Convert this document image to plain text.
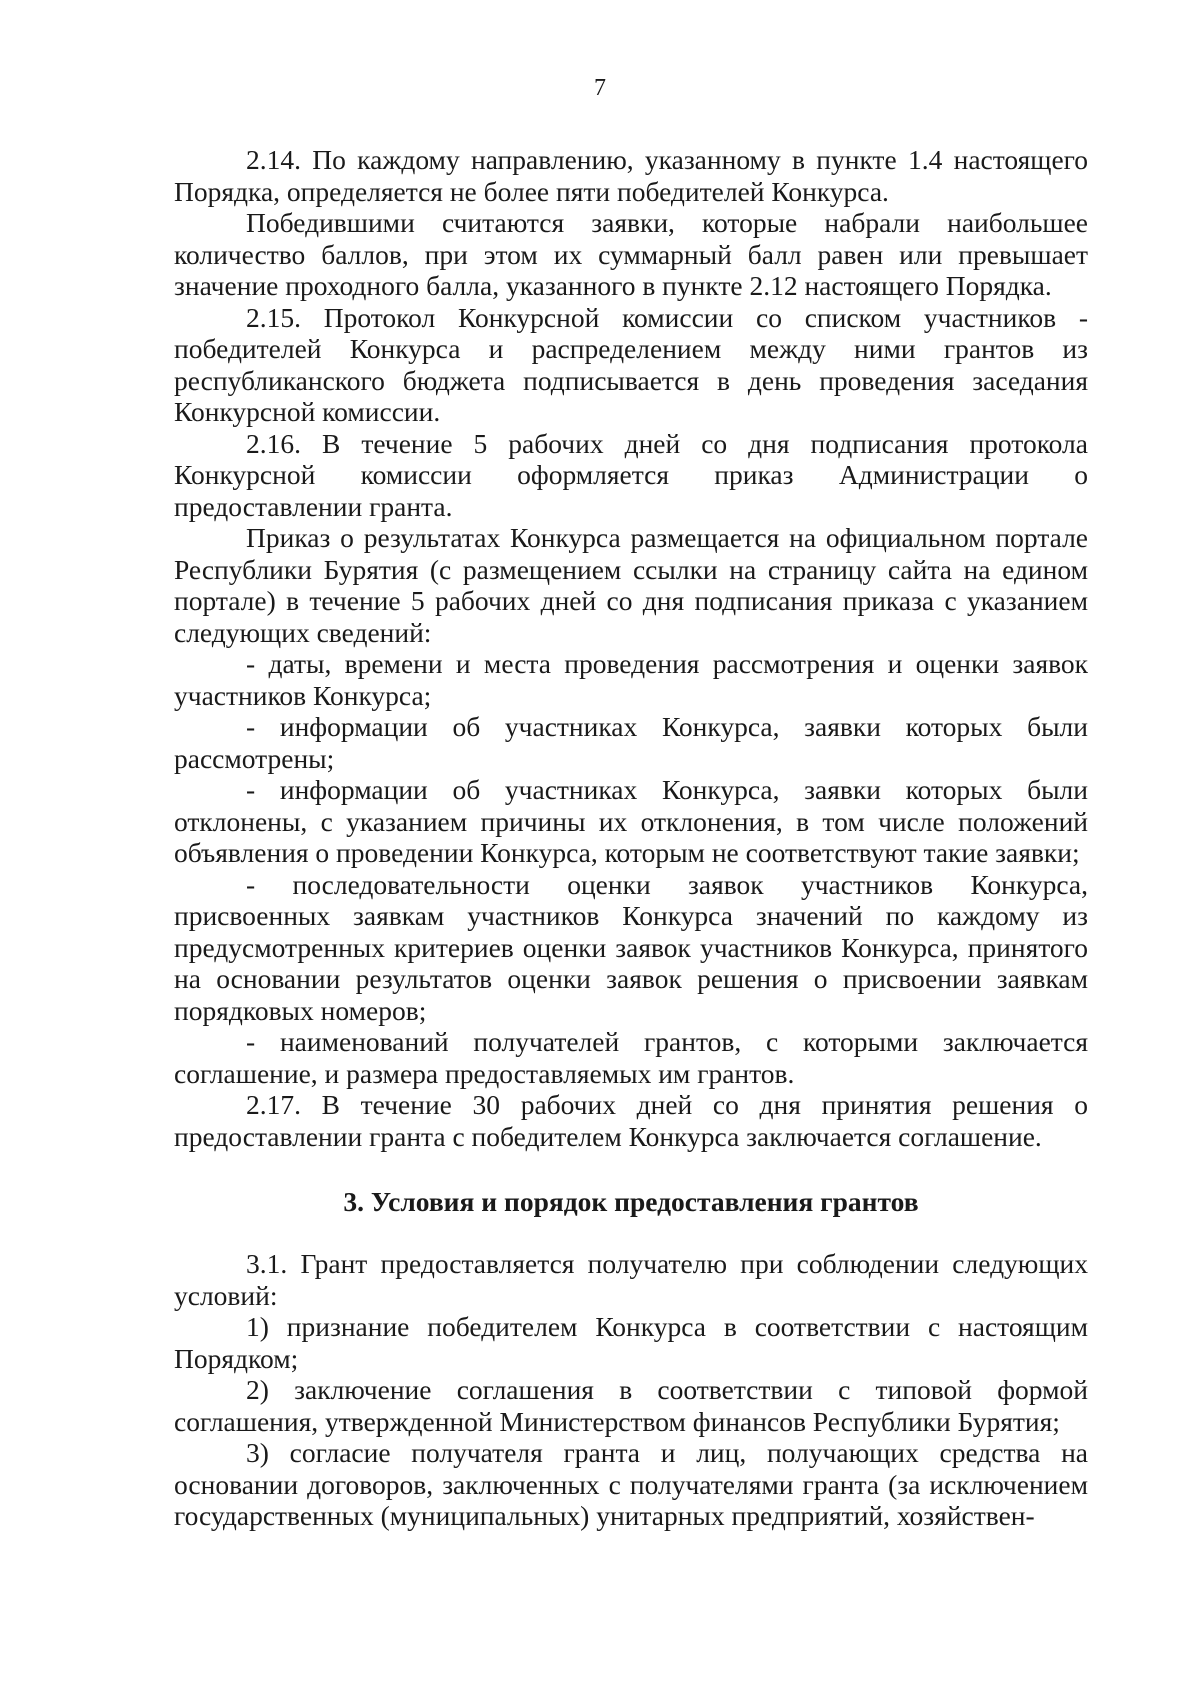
7

2.14. По каждому направлению, указанному в пункте 1.4 настоящего Порядка, определяется не более пяти победителей Конкурса.

Победившими считаются заявки, которые набрали наибольшее количество баллов, при этом их суммарный балл равен или превышает значение проходного балла, указанного в пункте 2.12 настоящего Порядка.

2.15. Протокол Конкурсной комиссии со списком участников - победителей Конкурса и распределением между ними грантов из республиканского бюджета подписывается в день проведения заседания Конкурсной комиссии.

2.16. В течение 5 рабочих дней со дня подписания протокола Конкурсной комиссии оформляется приказ Администрации о предоставлении гранта.

Приказ о результатах Конкурса размещается на официальном портале Республики Бурятия (с размещением ссылки на страницу сайта на едином портале) в течение 5 рабочих дней со дня подписания приказа с указанием следующих сведений:

- даты, времени и места проведения рассмотрения и оценки заявок участников Конкурса;

- информации об участниках Конкурса, заявки которых были рассмотрены;

- информации об участниках Конкурса, заявки которых были отклонены, с указанием причины их отклонения, в том числе положений объявления о проведении Конкурса, которым не соответствуют такие заявки;

- последовательности оценки заявок участников Конкурса, присвоенных заявкам участников Конкурса значений по каждому из предусмотренных критериев оценки заявок участников Конкурса, принятого на основании результатов оценки заявок решения о присвоении заявкам порядковых номеров;

- наименований получателей грантов, с которыми заключается соглашение, и размера предоставляемых им грантов.

2.17. В течение 30 рабочих дней со дня принятия решения о предоставлении гранта с победителем Конкурса заключается соглашение.

3. Условия и порядок предоставления грантов

3.1. Грант предоставляется получателю при соблюдении следующих условий:

1) признание победителем Конкурса в соответствии с настоящим Порядком;

2) заключение соглашения в соответствии с типовой формой соглашения, утвержденной Министерством финансов Республики Бурятия;

3) согласие получателя гранта и лиц, получающих средства на основании договоров, заключенных с получателями гранта (за исключением государственных (муниципальных) унитарных предприятий, хозяйствен-
